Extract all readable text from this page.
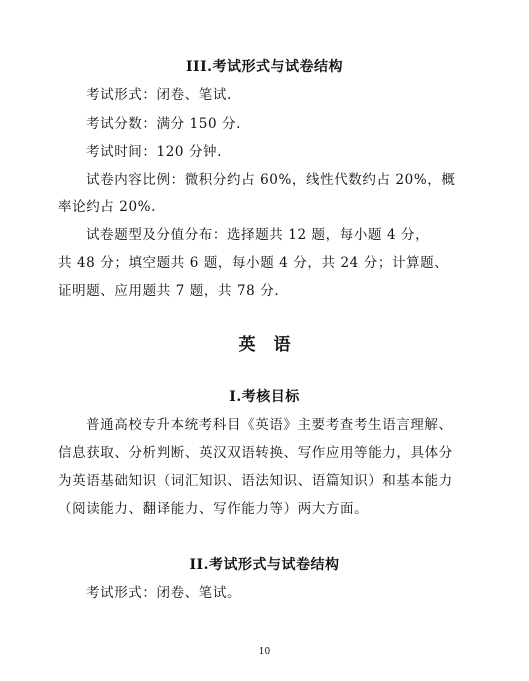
III.考试形式与试卷结构
考试形式：闭卷、笔试.
考试分数：满分 150 分.
考试时间：120 分钟.
试卷内容比例：微积分约占 60%，线性代数约占 20%，概
率论约占 20%.
试卷题型及分值分布：选择题共 12 题，每小题 4 分，
共 48 分；填空题共 6 题，每小题 4 分，共 24 分；计算题、
证明题、应用题共 7 题，共 78 分.
英 语
I.考核目标
普通高校专升本统考科目《英语》主要考查考生语言理解、
信息获取、分析判断、英汉双语转换、写作应用等能力，具体分
为英语基础知识（词汇知识、语法知识、语篇知识）和基本能力
（阅读能力、翻译能力、写作能力等）两大方面。
II.考试形式与试卷结构
考试形式：闭卷、笔试。
10
